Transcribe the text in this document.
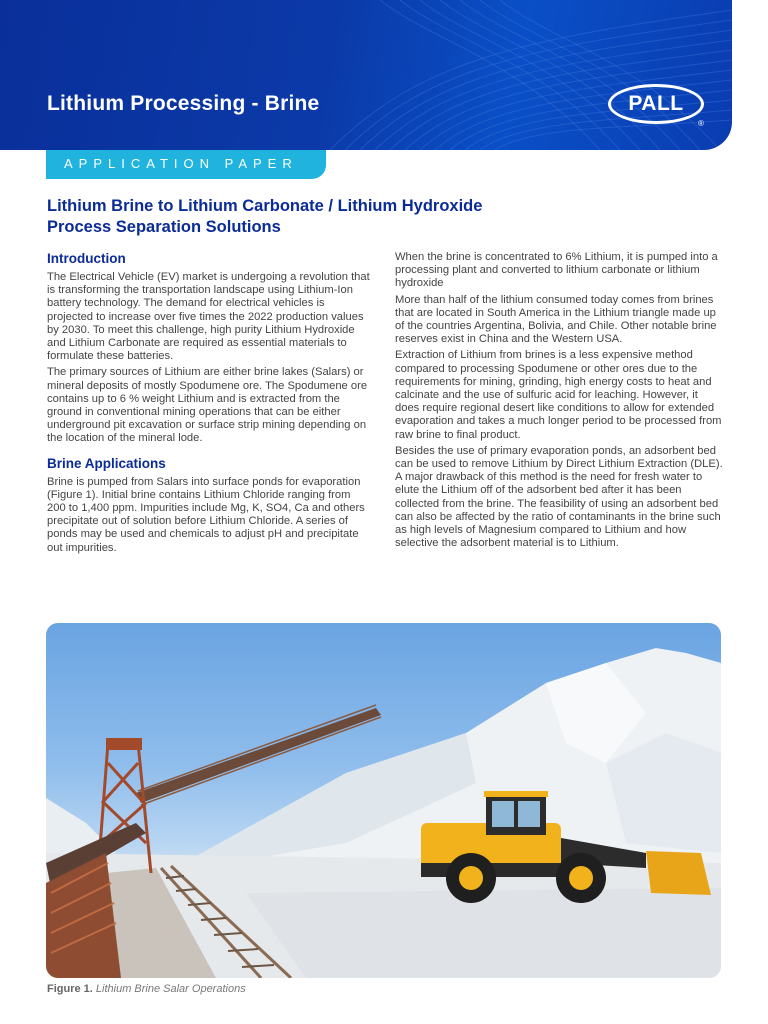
Lithium Processing - Brine	PALL
®
APPLICATION PAPER
Lithium Brine to Lithium Carbonate / Lithium Hydroxide
Process Separation Solutions
Introduction

The Electrical Vehicle (EV) market is undergoing a revolution that is transforming the transportation landscape using Lithium-Ion battery technology. The demand for electrical vehicles is projected to increase over five times the 2022 production values by 2030. To meet this challenge, high purity Lithium Hydroxide and Lithium Carbonate are required as essential materials to formulate these batteries.

The primary sources of Lithium are either brine lakes (Salars) or mineral deposits of mostly Spodumene ore. The Spodumene ore contains up to 6 % weight Lithium and is extracted from the ground in conventional mining operations that can be either underground pit excavation or surface strip mining depending on the location of the mineral lode.

Brine Applications

Brine is pumped from Salars into surface ponds for evaporation (Figure 1). Initial brine contains Lithium Chloride ranging from 200 to 1,400 ppm. Impurities include Mg, K, SO4, Ca and others precipitate out of solution before Lithium Chloride. A series of ponds may be used and chemicals to adjust pH and precipitate out impurities.

When the brine is concentrated to 6% Lithium, it is pumped into a processing plant and converted to lithium carbonate or lithium hydroxide

More than half of the lithium consumed today comes from brines that are located in South America in the Lithium triangle made up of the countries Argentina, Bolivia, and Chile. Other notable brine reserves exist in China and the Western USA.

Extraction of Lithium from brines is a less expensive method compared to processing Spodumene or other ores due to the requirements for mining, grinding, high energy costs to heat and calcinate and the use of sulfuric acid for leaching. However, it does require regional desert like conditions to allow for extended evaporation and takes a much longer period to be processed from raw brine to final product.

Besides the use of primary evaporation ponds, an adsorbent bed can be used to remove Lithium by Direct Lithium Extraction (DLE). A major drawback of this method is the need for fresh water to elute the Lithium off of the adsorbent bed after it has been collected from the brine. The feasibility of using an adsorbent bed can also be affected by the ratio of contaminants in the brine such as high levels of Magnesium compared to Lithium and how selective the adsorbent material is to Lithium.

Figure 1. Lithium Brine Salar Operations
